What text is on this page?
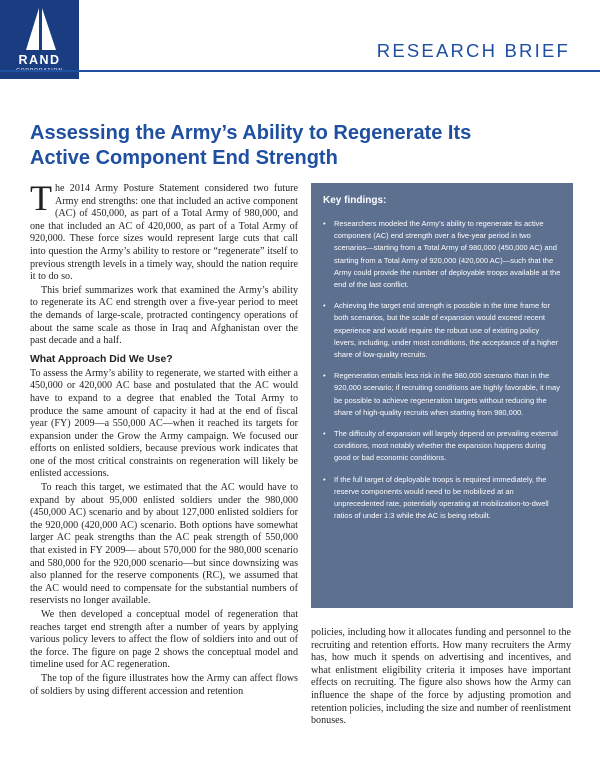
RAND	RESEARCH BRIEF
Assessing the Army’s Ability to Regenerate Its
Active Component End Strength

The 2014 Army Posture Statement considered two future Army end strengths: one that included an active component (AC) of 450,000, as part of a Total Army of 980,000, and one that included an AC of 420,000, as part of a Total Army of 920,000. These force sizes would represent large cuts that call into question the Army’s ability to restore or “regenerate” itself to previous strength levels in a timely way, should the nation require it to do so.

This brief summarizes work that examined the Army’s ability to regenerate its AC end strength over a five-year period to meet the demands of large-scale, protracted contingency operations of about the same scale as those in Iraq and Afghanistan over the past decade and a half.

What Approach Did We Use?

To assess the Army’s ability to regenerate, we started with either a 450,000 or 420,000 AC base and postulated that the AC would have to expand to a degree that enabled the Total Army to produce the same amount of capacity it had at the end of fiscal year (FY) 2009—a 550,000 AC—when it reached its targets for expansion under the Grow the Army campaign. We focused our efforts on enlisted soldiers, because previous work indicates that one of the most critical constraints on regeneration will likely be enlisted accessions.

To reach this target, we estimated that the AC would have to expand by about 95,000 enlisted soldiers under the 980,000 (450,000 AC) scenario and by about 127,000 enlisted soldiers for the 920,000 (420,000 AC) scenario. Both options have somewhat larger AC peak strengths than the AC peak strength of 550,000 that existed in FY 2009— about 570,000 for the 980,000 scenario and 580,000 for the 920,000 scenario—but since downsizing was also planned for the reserve components (RC), we assumed that the AC would need to compensate for the substantial numbers of reservists no longer available.

We then developed a conceptual model of regeneration that reaches target end strength after a number of years by applying various policy levers to affect the flow of soldiers into and out of the force. The figure on page 2 shows the conceptual model and timeline used for AC regeneration.

The top of the figure illustrates how the Army can affect flows of soldiers by using different accession and retention

Key findings:
• Researchers modeled the Army’s ability to regenerate its active component (AC) end strength over a five-year period in two scenarios—starting from a Total Army of 980,000 (450,000 AC) and starting from a Total Army of 920,000 (420,000 AC)—such that the Army could provide the number of deployable troops available at the end of the last conflict.
• Achieving the target end strength is possible in the time frame for both scenarios, but the scale of expansion would exceed recent experience and would require the robust use of existing policy levers, including, under most conditions, the acceptance of a higher share of low-quality recruits.
• Regeneration entails less risk in the 980,000 scenario than in the 920,000 scenario; if recruiting conditions are highly favorable, it may be possible to achieve regeneration targets without reducing the share of high-quality recruits when starting from 980,000.
• The difficulty of expansion will largely depend on prevailing external conditions, most notably whether the expansion happens during good or bad economic conditions.
• If the full target of deployable troops is required immediately, the reserve components would need to be mobilized at an unprecedented rate, potentially operating at mobilization-to-dwell ratios of under 1:3 while the AC is being rebuilt.

policies, including how it allocates funding and personnel to the recruiting and retention efforts. How many recruiters the Army has, how much it spends on advertising and incentives, and what enlistment eligibility criteria it imposes have important effects on recruiting. The figure also shows how the Army can influence the shape of the force by adjusting promotion and retention policies, including the size and number of reenlistment bonuses.
